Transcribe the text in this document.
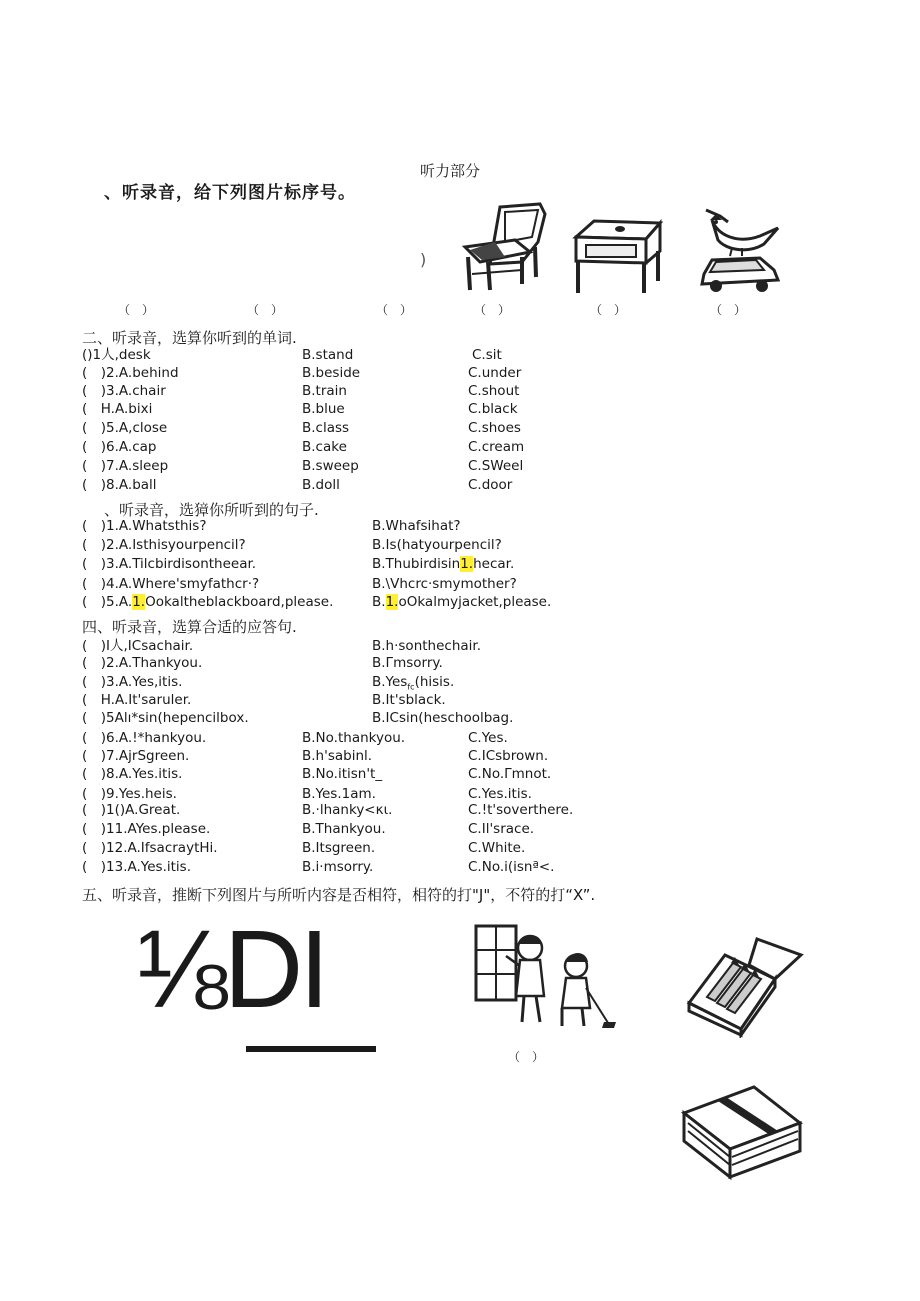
听力部分
、听录音，给下列图片标序号。
)
（　）	（　）	（　）	（　）	（　）	（　）
二、听录音，选算你听到的单词.
()1人,desk	B.stand	C.sit
(　)2.A.behind	B.beside	C.under
(　)3.A.chair	B.train	C.shout
(　H.A.bixi	B.blue	C.black
(　)5.A,close	B.class	C.shoes
(　)6.A.cap	B.cake	C.cream
(　)7.A.sleep	B.sweep	C.SWeel
(　)8.A.ball	B.doll	C.door
、听录音，选獐你所听到的句子.
(　)1.A.Whatsthis?	B.Whafsihat?
(　)2.A.Isthisyourpencil?	B.Is(hatyourpencil?
(　)3.A.Tilcbirdisontheear.	B.Thubirdisin1.hecar.
(　)4.A.Where'smyfathcr·?	B.\Vhcrc·smymother?
(　)5.A.1.Ookaltheblackboard,please.	B.1.oOkalmyjacket,please.
四、听录音，选算合适的应答句.
(　)I人,ICsachair.	B.h·sonthechair.
(　)2.A.Thankyou.	B.Γmsorry.
(　)3.A.Yes,itis.	B.Yes$_{fc}$(hisis.
(　H.A.It'saruler.	B.It'sblack.
(　)5Alı*sin(hepencilbox.	B.ICsin(heschoolbag.
(　)6.A.!*hankyou.	B.No.thankyou.	C.Yes.
(　)7.AjrSgreen.	B.h'sabinl.	C.ICsbrown.
(　)8.A.Yes.itis.	B.No.itisn't_	C.No.Γmnot.
(　)9.Yes.heis.	B.Yes.1am.	C.Yes.itis.
(　)1()A.Great.	B.·lhanky<κι.	C.!t'soverthere.
(　)11.AYes.please.	B.Thankyou.	C.Il'srace.
(　)12.A.IfsacraytHi.	B.Itsgreen.	C.White.
(　)13.A.Yes.itis.	B.i·msorry.	C.No.i(isnª<.
五、听录音，推断下列图片与所听内容是否相符，相符的打"J"，不符的打“X”.
⅛DI
（　）
